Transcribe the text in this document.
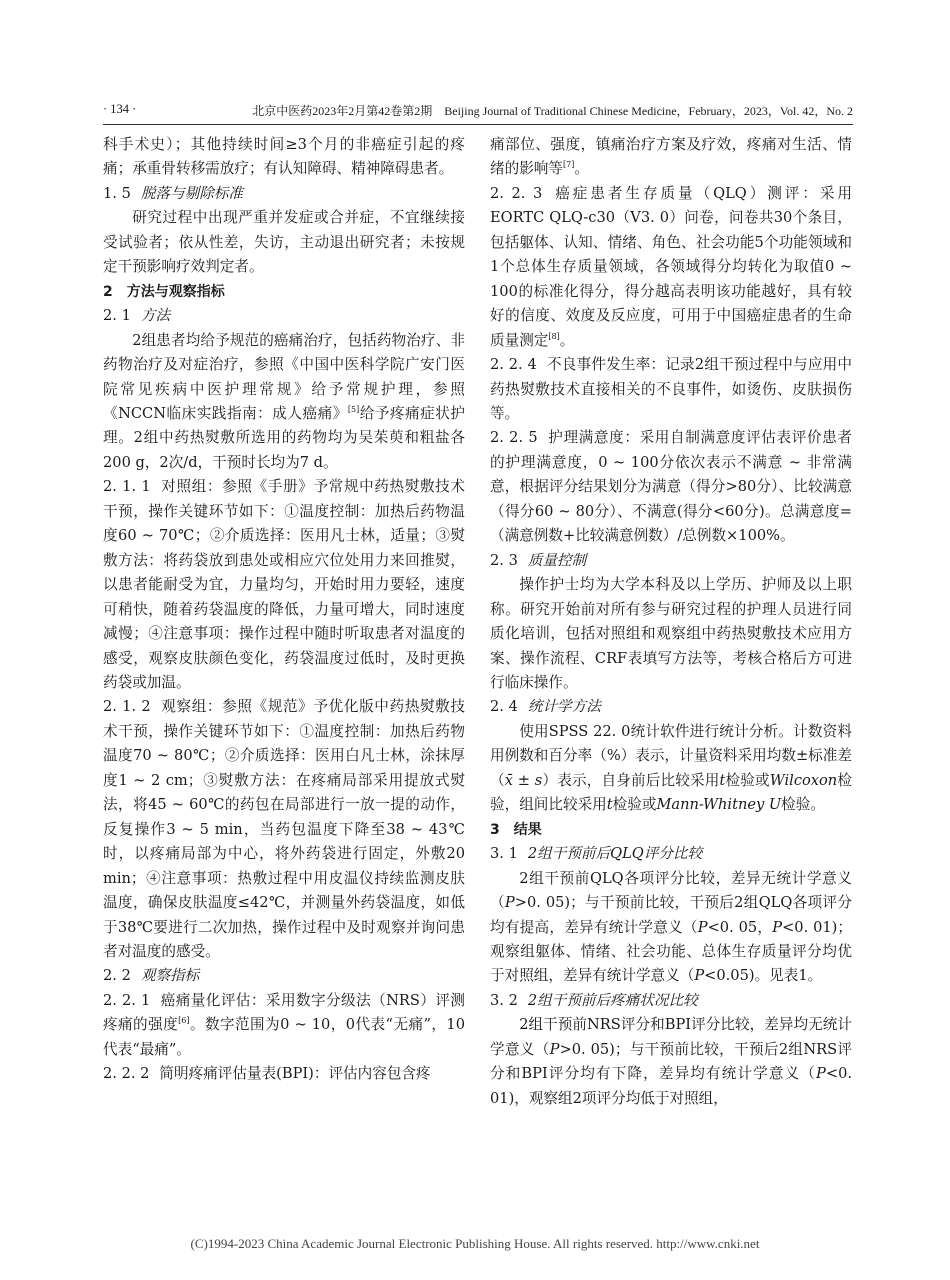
· 134 ·	北京中医药2023年2月第42卷第2期　Beijing Journal of Traditional Chinese Medicine，February，2023，Vol. 42，No. 2

科手术史）；其他持续时间≥3个月的非癌症引起的疼痛；承重骨转移需放疗；有认知障碍、精神障碍患者。

1. 5 脱落与剔除标准

研究过程中出现严重并发症或合并症，不宜继续接受试验者；依从性差，失访，主动退出研究者；未按规定干预影响疗效判定者。

2　方法与观察指标

2. 1 方法

2组患者均给予规范的癌痛治疗，包括药物治疗、非药物治疗及对症治疗，参照《中国中医科学院广安门医院常见疾病中医护理常规》给予常规护理，参照《NCCN临床实践指南：成人癌痛》[5]给予疼痛症状护理。2组中药热熨敷所选用的药物均为吴茱萸和粗盐各200 g，2次/d，干预时长均为7 d。

2. 1. 1 对照组：参照《手册》予常规中药热熨敷技术干预，操作关键环节如下：①温度控制：加热后药物温度60 ~ 70℃；②介质选择：医用凡士林，适量；③熨敷方法：将药袋放到患处或相应穴位处用力来回推熨，以患者能耐受为宜，力量均匀，开始时用力要轻，速度可稍快，随着药袋温度的降低，力量可增大，同时速度减慢；④注意事项：操作过程中随时听取患者对温度的感受，观察皮肤颜色变化，药袋温度过低时，及时更换药袋或加温。

2. 1. 2 观察组：参照《规范》予优化版中药热熨敷技术干预，操作关键环节如下：①温度控制：加热后药物温度70 ~ 80℃；②介质选择：医用白凡士林，涂抹厚度1 ~ 2 cm；③熨敷方法：在疼痛局部采用提放式熨法，将45 ~ 60℃的药包在局部进行一放一提的动作，反复操作3 ~ 5 min，当药包温度下降至38 ~ 43℃时，以疼痛局部为中心，将外药袋进行固定，外敷20 min；④注意事项：热敷过程中用皮温仪持续监测皮肤温度，确保皮肤温度≤42℃，并测量外药袋温度，如低于38℃要进行二次加热，操作过程中及时观察并询问患者对温度的感受。

2. 2 观察指标

2. 2. 1 癌痛量化评估：采用数字分级法（NRS）评测疼痛的强度[6]。数字范围为0 ~ 10，0代表“无痛”，10代表“最痛”。

2. 2. 2 简明疼痛评估量表(BPI)：评估内容包含疼

痛部位、强度，镇痛治疗方案及疗效，疼痛对生活、情绪的影响等[7]。

2. 2. 3 癌症患者生存质量（QLQ）测评：采用EORTC QLQ-c30（V3. 0）问卷，问卷共30个条目，包括躯体、认知、情绪、角色、社会功能5个功能领域和1个总体生存质量领域，各领域得分均转化为取值0 ~ 100的标准化得分，得分越高表明该功能越好，具有较好的信度、效度及反应度，可用于中国癌症患者的生命质量测定[8]。

2. 2. 4 不良事件发生率：记录2组干预过程中与应用中药热熨敷技术直接相关的不良事件，如烫伤、皮肤损伤等。

2. 2. 5 护理满意度：采用自制满意度评估表评价患者的护理满意度，0 ~ 100分依次表示不满意 ~ 非常满意，根据评分结果划分为满意（得分>80分）、比较满意（得分60 ~ 80分）、不满意(得分<60分)。总满意度=（满意例数+比较满意例数）/总例数×100%。

2. 3 质量控制

操作护士均为大学本科及以上学历、护师及以上职称。研究开始前对所有参与研究过程的护理人员进行同质化培训，包括对照组和观察组中药热熨敷技术应用方案、操作流程、CRF表填写方法等，考核合格后方可进行临床操作。

2. 4 统计学方法

使用SPSS 22. 0统计软件进行统计分析。计数资料用例数和百分率（%）表示，计量资料采用均数±标准差（x̄ ± s）表示，自身前后比较采用t检验或Wilcoxon检验，组间比较采用t检验或Mann-Whitney U检验。

3　结果

3. 1 2组干预前后QLQ评分比较

2组干预前QLQ各项评分比较，差异无统计学意义（P>0. 05)；与干预前比较，干预后2组QLQ各项评分均有提高，差异有统计学意义（P<0. 05，P<0. 01)；观察组躯体、情绪、社会功能、总体生存质量评分均优于对照组，差异有统计学意义（P<0.05)。见表1。

3. 2 2组干预前后疼痛状况比较

2组干预前NRS评分和BPI评分比较，差异均无统计学意义（P>0. 05)；与干预前比较，干预后2组NRS评分和BPI评分均有下降，差异均有统计学意义（P<0. 01)，观察组2项评分均低于对照组，

(C)1994-2023 China Academic Journal Electronic Publishing House. All rights reserved. http://www.cnki.net
